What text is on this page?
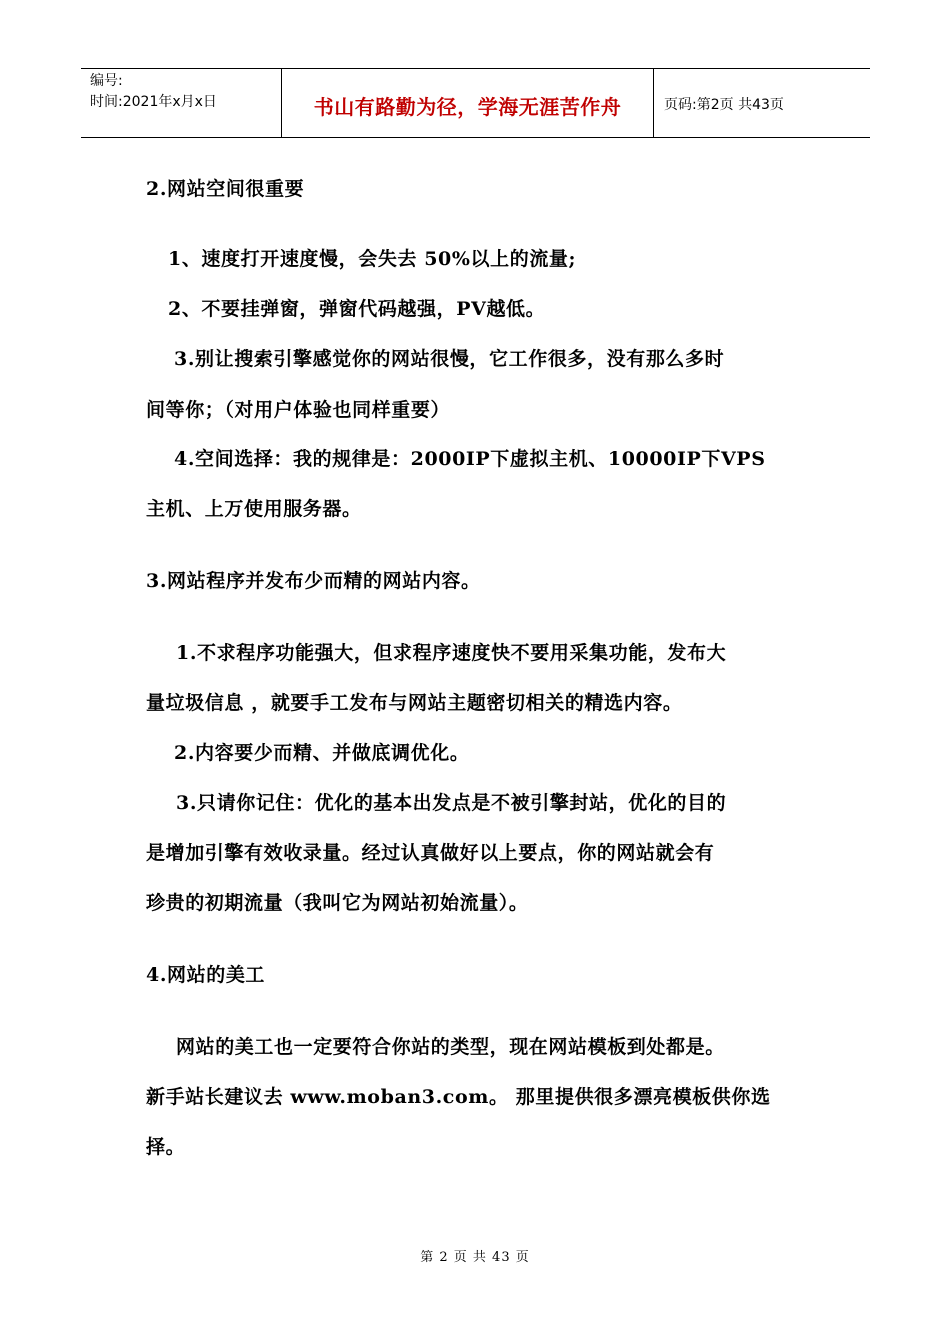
编号:
时间:2021年x月x日	书山有路勤为径，学海无涯苦作舟	页码:第2页 共43页
2.网站空间很重要
1、速度打开速度慢，会失去 50%以上的流量;
2、不要挂弹窗，弹窗代码越强，PV越低。
3.别让搜索引擎感觉你的网站很慢，它工作很多，没有那么多时
间等你；（对用户体验也同样重要）
4.空间选择：我的规律是：2000IP下虚拟主机、10000IP下VPS
主机、上万使用服务器。
3.网站程序并发布少而精的网站内容。
1.不求程序功能强大，但求程序速度快不要用采集功能，发布大
量垃圾信息 ，就要手工发布与网站主题密切相关的精选内容。
2.内容要少而精、并做底调优化。
3.只请你记住：优化的基本出发点是不被引擎封站，优化的目的
是增加引擎有效收录量。经过认真做好以上要点，你的网站就会有
珍贵的初期流量（我叫它为网站初始流量）。
4.网站的美工
网站的美工也一定要符合你站的类型，现在网站模板到处都是。
新手站长建议去 www.moban3.com。 那里提供很多漂亮模板供你选
择。
第 2 页 共 43 页
